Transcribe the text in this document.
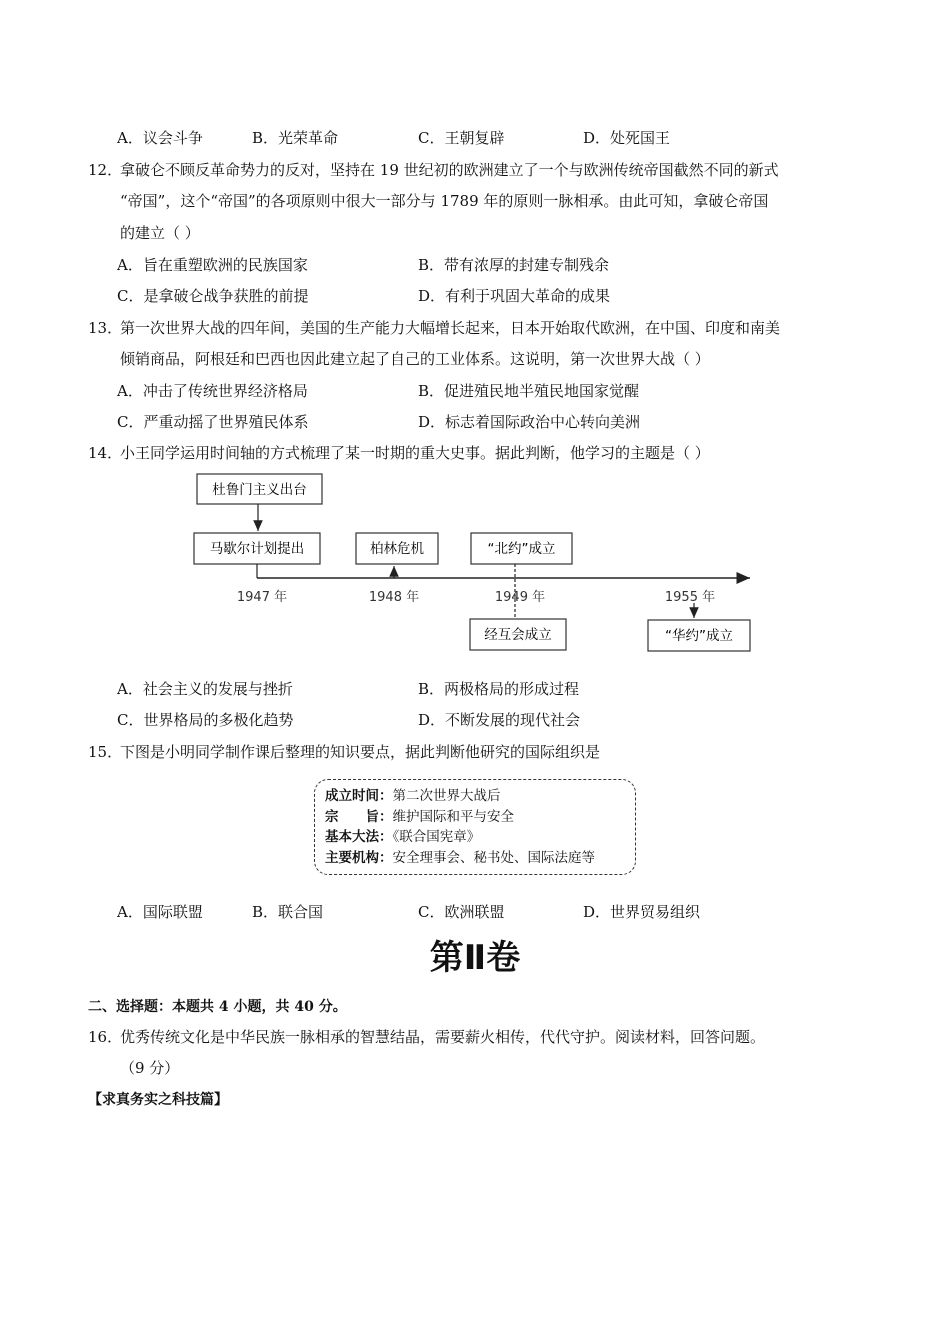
A．议会斗争	B．光荣革命	C．王朝复辟	D．处死国王
12．
拿破仑不顾反革命势力的反对，坚持在 19 世纪初的欧洲建立了一个与欧洲传统帝国截然不同的新式
“帝国”，这个“帝国”的各项原则中很大一部分与 1789 年的原则一脉相承。由此可知，拿破仑帝国
的建立（ ）
A．旨在重塑欧洲的民族国家	B．带有浓厚的封建专制残余
C．是拿破仑战争获胜的前提	D．有利于巩固大革命的成果
13．
第一次世界大战的四年间，美国的生产能力大幅增长起来，日本开始取代欧洲，在中国、印度和南美
倾销商品，阿根廷和巴西也因此建立起了自己的工业体系。这说明，第一次世界大战（ ）
A．冲击了传统世界经济格局	B．促进殖民地半殖民地国家觉醒
C．严重动摇了世界殖民体系	D．标志着国际政治中心转向美洲
14．
小王同学运用时间轴的方式梳理了某一时期的重大史事。据此判断，他学习的主题是（ ）
杜鲁门主义出台
马歇尔计划提出	柏林危机	“北约”成立
1947 年	1948 年	1949 年	1955 年
经互会成立	“华约”成立
A．社会主义的发展与挫折	B．两极格局的形成过程
C．世界格局的多极化趋势	D．不断发展的现代社会
15．
下图是小明同学制作课后整理的知识要点，据此判断他研究的国际组织是
成立时间：第二次世界大战后
宗　　旨：维护国际和平与安全
基本大法：《联合国宪章》
主要机构：安全理事会、秘书处、国际法庭等
A．国际联盟	B．联合国	C．欧洲联盟	D．世界贸易组织
第Ⅱ卷
二、选择题：本题共 4 小题，共 40 分。
16．
优秀传统文化是中华民族一脉相承的智慧结晶，需要薪火相传，代代守护。阅读材料，回答问题。
（9 分）
【求真务实之科技篇】
